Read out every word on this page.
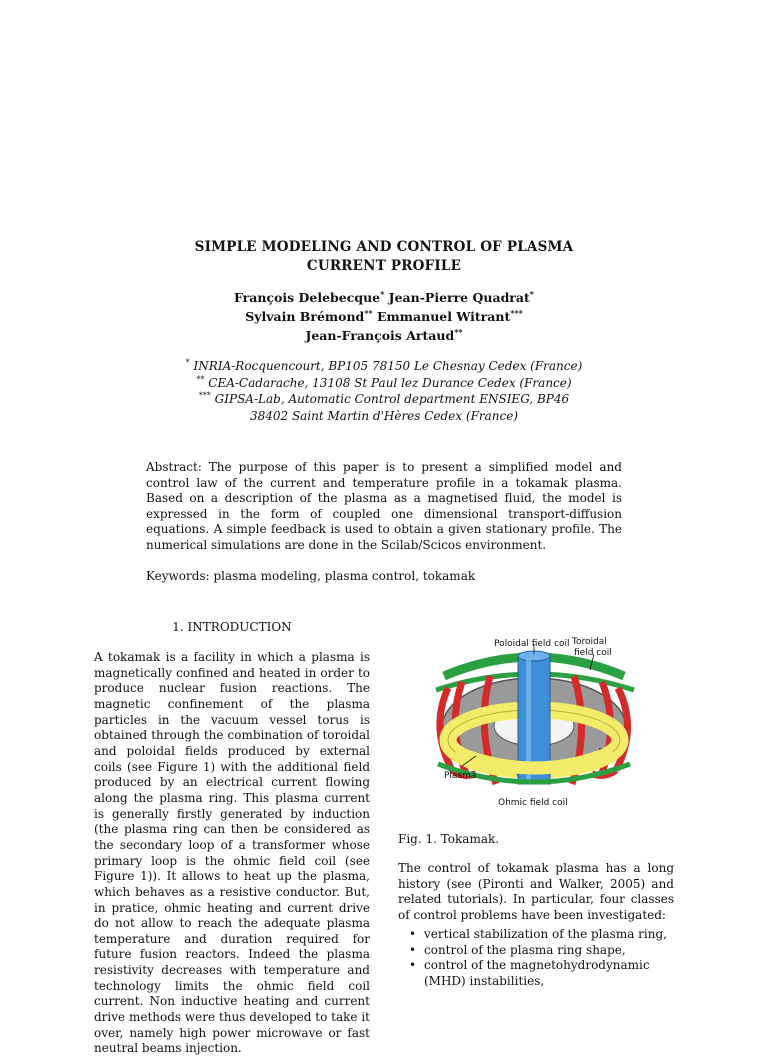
SIMPLE MODELING AND CONTROL OF PLASMA
CURRENT PROFILE
François Delebecque* Jean-Pierre Quadrat*
Sylvain Brémond** Emmanuel Witrant***
Jean-François Artaud**
* INRIA-Rocquencourt, BP105 78150 Le Chesnay Cedex (France)
** CEA-Cadarache, 13108 St Paul lez Durance Cedex (France)
*** GIPSA-Lab, Automatic Control department ENSIEG, BP46
38402 Saint Martin d'Hères Cedex (France)

Abstract: The purpose of this paper is to present a simplified model and control law of the current and temperature profile in a tokamak plasma. Based on a description of the plasma as a magnetised fluid, the model is expressed in the form of coupled one dimensional transport-diffusion equations. A simple feedback is used to obtain a given stationary profile. The numerical simulations are done in the Scilab/Scicos environment.

Keywords: plasma modeling, plasma control, tokamak

1. INTRODUCTION

A tokamak is a facility in which a plasma is magnetically confined and heated in order to produce nuclear fusion reactions. The magnetic confinement of the plasma particles in the vacuum vessel torus is obtained through the combination of toroidal and poloidal fields produced by external coils (see Figure 1) with the additional field produced by an electrical current flowing along the plasma ring. This plasma current is generally firstly generated by induction (the plasma ring can then be considered as the secondary loop of a transformer whose primary loop is the ohmic field coil (see Figure 1)). It allows to heat up the plasma, which behaves as a resistive conductor. But, in pratice, ohmic heating and current drive do not allow to reach the adequate plasma temperature and duration required for future fusion reactors. Indeed the plasma resistivity decreases with temperature and technology limits the ohmic field coil current. Non inductive heating and current drive methods were thus developed to take it over, namely high power microwave or fast neutral beams injection.

Poloidal field coil Toroidal
field coil
Plasma
Ohmic field coil

Fig. 1. Tokamak.

The control of tokamak plasma has a long history (see (Pironti and Walker, 2005) and related tutorials). In particular, four classes of control problems have been investigated:

• vertical stabilization of the plasma ring,
• control of the plasma ring shape,
• control of the magnetohydrodynamic (MHD) instabilities,
